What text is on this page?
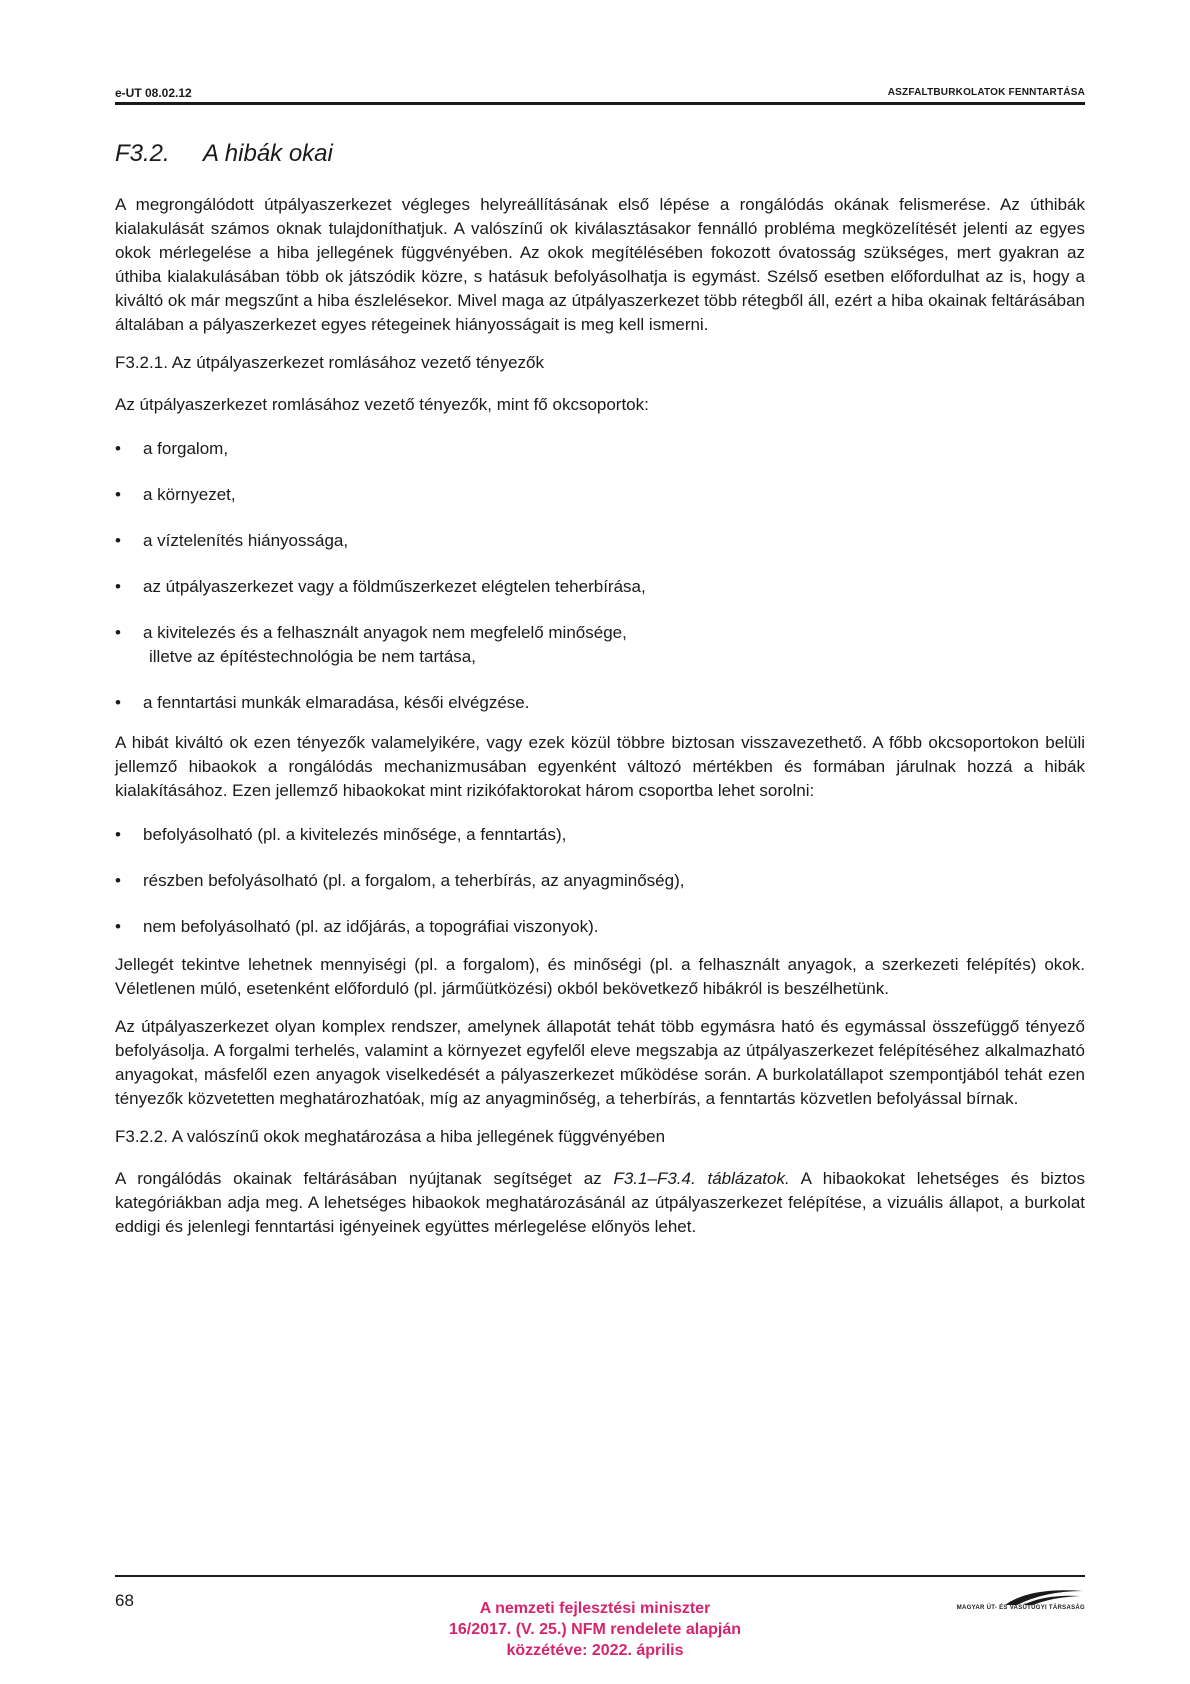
e-UT 08.02.12	ASZFALTBURKOLATOK FENNTARTÁSA
F3.2. A hibák okai

A megrongálódott útpályaszerkezet végleges helyreállításának első lépése a rongálódás okának felismerése. Az úthibák kialakulását számos oknak tulajdoníthatjuk. A valószínű ok kiválasztásakor fennálló probléma megközelítését jelenti az egyes okok mérlegelése a hiba jellegének függvényében. Az okok megítélésében fokozott óvatosság szükséges, mert gyakran az úthiba kialakulásában több ok játszódik közre, s hatásuk befolyásolhatja is egymást. Szélső esetben előfordulhat az is, hogy a kiváltó ok már megszűnt a hiba észlelésekor. Mivel maga az útpályaszerkezet több rétegből áll, ezért a hiba okainak feltárásában általában a pályaszerkezet egyes rétegeinek hiányosságait is meg kell ismerni.

F3.2.1. Az útpályaszerkezet romlásához vezető tényezők

Az útpályaszerkezet romlásához vezető tényezők, mint fő okcsoportok:

• a forgalom,
• a környezet,
• a víztelenítés hiányossága,
• az útpályaszerkezet vagy a földműszerkezet elégtelen teherbírása,
• a kivitelezés és a felhasznált anyagok nem megfelelő minősége,
illetve az építéstechnológia be nem tartása,
• a fenntartási munkák elmaradása, késői elvégzése.

A hibát kiváltó ok ezen tényezők valamelyikére, vagy ezek közül többre biztosan visszavezethető. A főbb okcsoportokon belüli jellemző hibaokok a rongálódás mechanizmusában egyenként változó mértékben és formában járulnak hozzá a hibák kialakításához. Ezen jellemző hibaokokat mint rizikófaktorokat három csoportba lehet sorolni:

• befolyásolható (pl. a kivitelezés minősége, a fenntartás),
• részben befolyásolható (pl. a forgalom, a teherbírás, az anyagminőség),
• nem befolyásolható (pl. az időjárás, a topográfiai viszonyok).

Jellegét tekintve lehetnek mennyiségi (pl. a forgalom), és minőségi (pl. a felhasznált anyagok, a szerkezeti felépítés) okok. Véletlenen múló, esetenként előforduló (pl. járműütközési) okból bekövetkező hibákról is beszélhetünk.

Az útpályaszerkezet olyan komplex rendszer, amelynek állapotát tehát több egymásra ható és egymással összefüggő tényező befolyásolja. A forgalmi terhelés, valamint a környezet egyfelől eleve megszabja az útpályaszerkezet felépítéséhez alkalmazható anyagokat, másfelől ezen anyagok viselkedését a pályaszerkezet működése során. A burkolatállapot szempontjából tehát ezen tényezők közvetetten meghatározhatóak, míg az anyagminőség, a teherbírás, a fenntartás közvetlen befolyással bírnak.

F3.2.2. A valószínű okok meghatározása a hiba jellegének függvényében

A rongálódás okainak feltárásában nyújtanak segítséget az F3.1–F3.4. táblázatok. A hibaokokat lehetséges és biztos kategóriákban adja meg. A lehetséges hibaokok meghatározásánál az útpályaszerkezet felépítése, a vizuális állapot, a burkolat eddigi és jelenlegi fenntartási igényeinek együttes mérlegelése előnyös lehet.

68	A nemzeti fejlesztési miniszter
16/2017. (V. 25.) NFM rendelete alapján
közzétéve: 2022. április
MAGYAR ÚT- ÉS VASÚTÜGYI TÁRSASÁG
